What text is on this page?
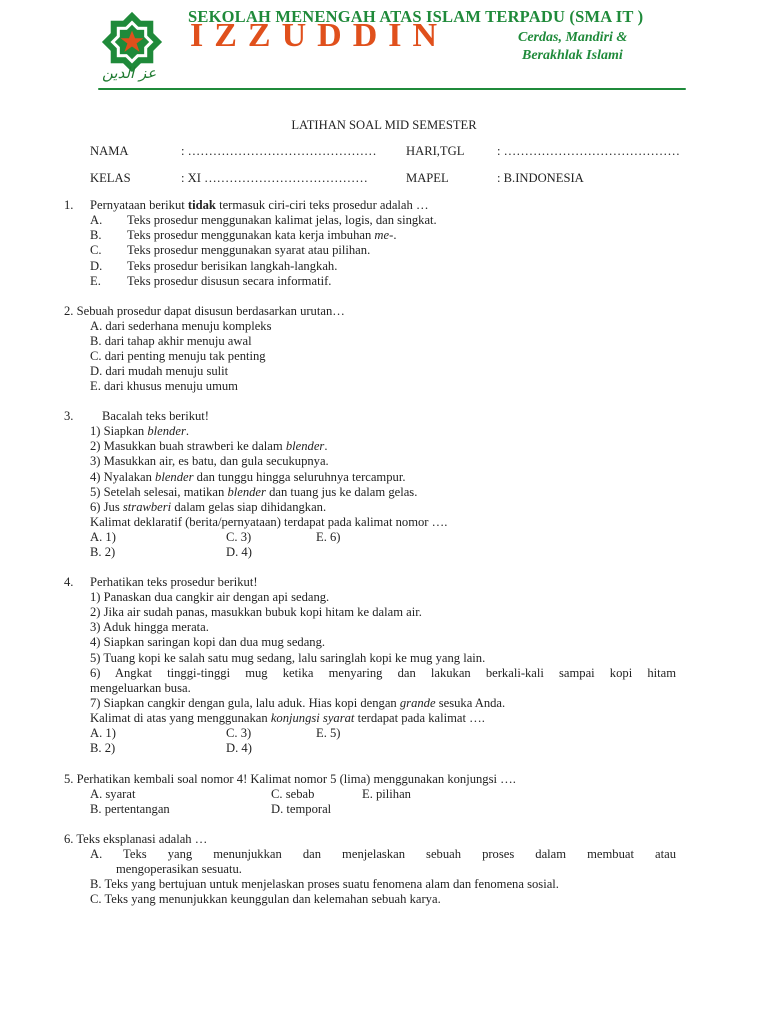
عز الدين
SEKOLAH MENENGAH ATAS ISLAM TERPADU (SMA IT )
IZZUDDIN	Cerdas, Mandiri &
Berakhlak Islami
LATIHAN SOAL MID SEMESTER
NAMA	: ……………………………………… HARI,TGL	: ……………………………………
KELAS	: XI …………………………………	MAPEL	: B.INDONESIA
1. Pernyataan berikut tidak termasuk ciri-ciri teks prosedur adalah …
A. Teks prosedur menggunakan kalimat jelas, logis, dan singkat.
B. Teks prosedur menggunakan kata kerja imbuhan me-.
C. Teks prosedur menggunakan syarat atau pilihan.
D. Teks prosedur berisikan langkah-langkah.
E. Teks prosedur disusun secara informatif.
2. Sebuah prosedur dapat disusun berdasarkan urutan…
A. dari sederhana menuju kompleks
B. dari tahap akhir menuju awal
C. dari penting menuju tak penting
D. dari mudah menuju sulit
E. dari khusus menuju umum
3. Bacalah teks berikut!
1) Siapkan blender.
2) Masukkan buah strawberi ke dalam blender.
3) Masukkan air, es batu, dan gula secukupnya.
4) Nyalakan blender dan tunggu hingga seluruhnya tercampur.
5) Setelah selesai, matikan blender dan tuang jus ke dalam gelas.
6) Jus strawberi dalam gelas siap dihidangkan.
Kalimat deklaratif (berita/pernyataan) terdapat pada kalimat nomor ….
A. 1)	C. 3)	E. 6)
B. 2)	D. 4)
4. Perhatikan teks prosedur berikut!
1) Panaskan dua cangkir air dengan api sedang.
2) Jika air sudah panas, masukkan bubuk kopi hitam ke dalam air.
3) Aduk hingga merata.
4) Siapkan saringan kopi dan dua mug sedang.
5) Tuang kopi ke salah satu mug sedang, lalu saringlah kopi ke mug yang lain.
6) Angkat tinggi-tinggi mug ketika menyaring dan lakukan berkali-kali sampai kopi hitam
mengeluarkan busa.
7) Siapkan cangkir dengan gula, lalu aduk. Hias kopi dengan grande sesuka Anda.
Kalimat di atas yang menggunakan konjungsi syarat terdapat pada kalimat ….
A. 1)	C. 3)	E. 5)
B. 2)	D. 4)
5. Perhatikan kembali soal nomor 4! Kalimat nomor 5 (lima) menggunakan konjungsi ….
A. syarat	C. sebab	E. pilihan
B. pertentangan	D. temporal
6. Teks eksplanasi adalah …
A. Teks yang menunjukkan dan menjelaskan sebuah proses dalam membuat atau
mengoperasikan sesuatu.
B. Teks yang bertujuan untuk menjelaskan proses suatu fenomena alam dan fenomena sosial.
C. Teks yang menunjukkan keunggulan dan kelemahan sebuah karya.
